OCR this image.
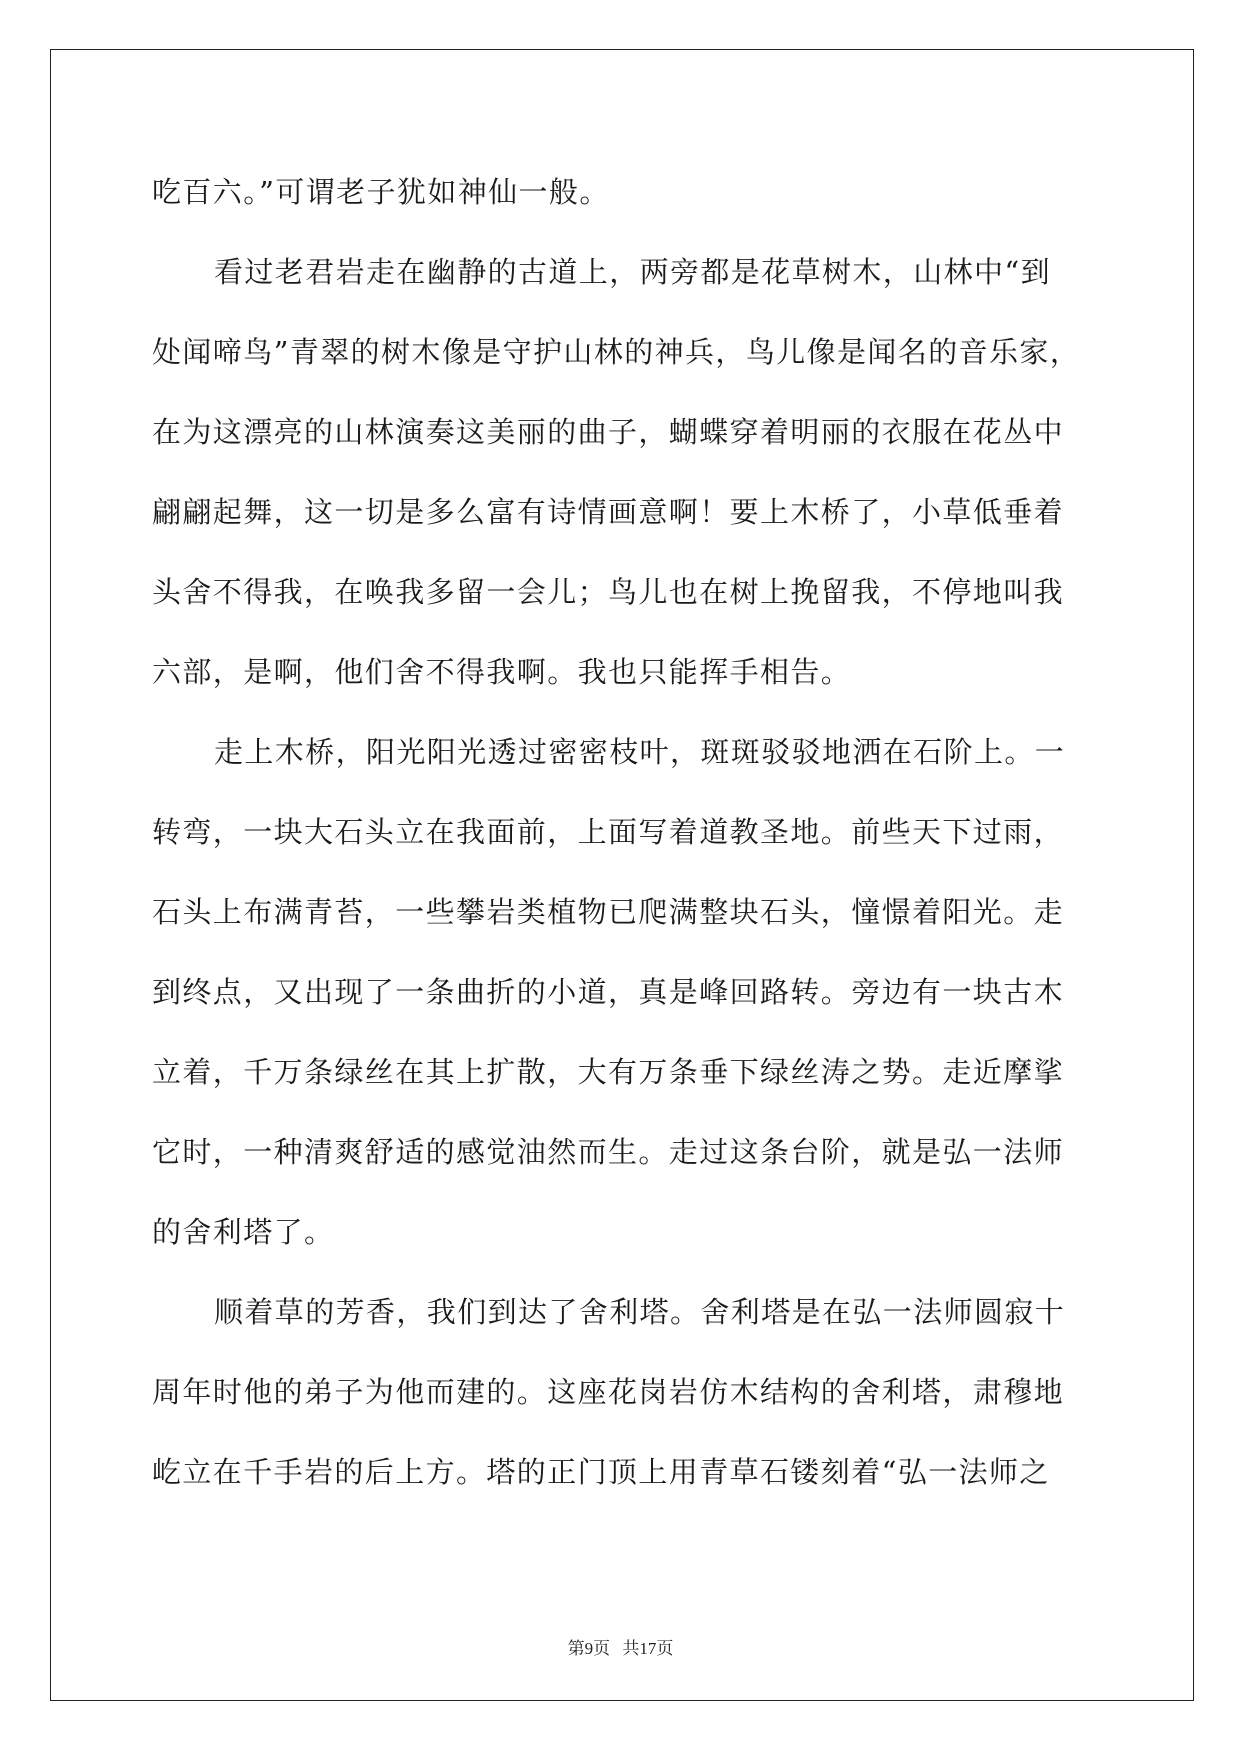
吃百六。”可谓老子犹如神仙一般。
看过老君岩走在幽静的古道上，两旁都是花草树木，山林中“到
处闻啼鸟”青翠的树木像是守护山林的神兵，鸟儿像是闻名的音乐家，
在为这漂亮的山林演奏这美丽的曲子，蝴蝶穿着明丽的衣服在花丛中
翩翩起舞，这一切是多么富有诗情画意啊！要上木桥了，小草低垂着
头舍不得我，在唤我多留一会儿；鸟儿也在树上挽留我，不停地叫我
六部，是啊，他们舍不得我啊。我也只能挥手相告。
走上木桥，阳光阳光透过密密枝叶，斑斑驳驳地洒在石阶上。一
转弯，一块大石头立在我面前，上面写着道教圣地。前些天下过雨，
石头上布满青苔，一些攀岩类植物已爬满整块石头，憧憬着阳光。走
到终点，又出现了一条曲折的小道，真是峰回路转。旁边有一块古木
立着，千万条绿丝在其上扩散，大有万条垂下绿丝涛之势。走近摩挲
它时，一种清爽舒适的感觉油然而生。走过这条台阶，就是弘一法师
的舍利塔了。
顺着草的芳香，我们到达了舍利塔。舍利塔是在弘一法师圆寂十
周年时他的弟子为他而建的。这座花岗岩仿木结构的舍利塔，肃穆地
屹立在千手岩的后上方。塔的正门顶上用青草石镂刻着“弘一法师之
第9页 共17页
